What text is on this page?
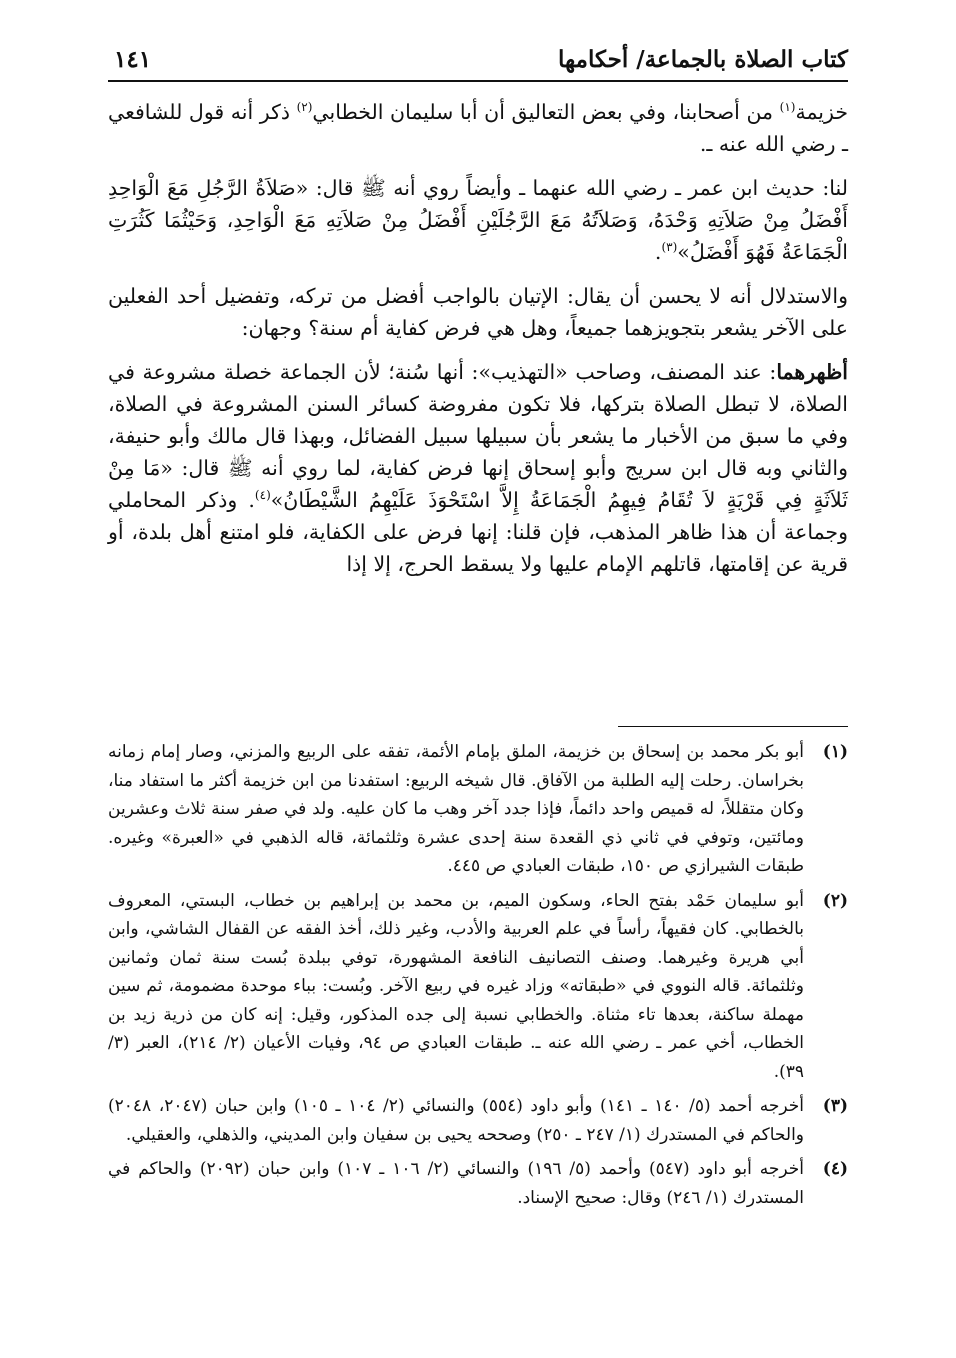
كتاب الصلاة بالجماعة/ أحكامها
١٤١

خزيمة$^{(١)}$ من أصحابنا، وفي بعض التعاليق أن أبا سليمان الخطابي$^{(٢)}$ ذكر أنه قول للشافعي ـ رضي الله عنه ـ.

لنا: حديث ابن عمر ـ رضي الله عنهما ـ وأيضاً روي أنه ﷺ قال: «صَلاَةُ الرَّجُلِ مَعَ الْوَاحِدِ أَفْضَلُ مِنْ صَلاَتِهِ وَحْدَهُ، وَصَلاَتُهُ مَعَ الرَّجُلَيْنِ أَفْضَلُ مِنْ صَلاَتِهِ مَعَ الْوَاحِدِ، وَحَيْثُمَا كَثُرَتِ الْجَمَاعَةُ فَهُوَ أَفْضَلُ»$^{(٣)}$.

والاستدلال أنه لا يحسن أن يقال: الإتيان بالواجب أفضل من تركه، وتفضيل أحد الفعلين على الآخر يشعر بتجويزهما جميعاً، وهل هي فرض كفاية أم سنة؟ وجهان:

أظهرهما: عند المصنف، وصاحب «التهذيب»: أنها سُنة؛ لأن الجماعة خصلة مشروعة في الصلاة، لا تبطل الصلاة بتركها، فلا تكون مفروضة كسائر السنن المشروعة في الصلاة، وفي ما سبق من الأخبار ما يشعر بأن سبيلها سبيل الفضائل، وبهذا قال مالك وأبو حنيفة، والثاني وبه قال ابن سريج وأبو إسحاق إنها فرض كفاية، لما روي أنه ﷺ قال: «مَا مِنْ ثَلاَثَةٍ فِي قَرْيَةٍ لاَ تُقَامُ فِيهِمُ الْجَمَاعَةُ إِلاَّ اسْتَحْوَذَ عَلَيْهِمُ الشَّيْطَانُ»$^{(٤)}$. وذكر المحاملي وجماعة أن هذا ظاهر المذهب، فإن قلنا: إنها فرض على الكفاية، فلو امتنع أهل بلدة، أو قرية عن إقامتها، قاتلهم الإمام عليها ولا يسقط الحرج، إلا إذا

(١)
أبو بكر محمد بن إسحاق بن خزيمة، الملق بإمام الأئمة، تفقه على الربيع والمزني، وصار إمام زمانه بخراسان. رحلت إليه الطلبة من الآفاق. قال شيخه الربيع: استفدنا من ابن خزيمة أكثر ما استفاد منا، وكان متقللاً، له قميص واحد دائماً، فإذا جدد آخر وهب ما كان عليه. ولد في صفر سنة ثلاث وعشرين ومائتين، وتوفي في ثاني ذي القعدة سنة إحدى عشرة وثلثمائة، قاله الذهبي في «العبرة» وغيره. طبقات الشيرازي ص ١٥٠، طبقات العبادي ص ٤٤٥.
(٢)
أبو سليمان حَمْد بفتح الحاء، وسكون الميم، بن محمد بن إبراهيم بن خطاب، البستي، المعروف بالخطابي. كان فقيهاً، رأساً في علم العربية والأدب، وغير ذلك، أخذ الفقه عن القفال الشاشي، وابن أبي هريرة وغيرهما. وصنف التصانيف النافعة المشهورة، توفي ببلدة بُست سنة ثمان وثمانين وثلثمائة. قاله النووي في «طبقاته» وزاد غيره في ربيع الآخر. وبُست: بباء موحدة مضمومة، ثم سين مهملة ساكنة، بعدها تاء مثناة. والخطابي نسبة إلى جده المذكور، وقيل: إنه كان من ذرية زيد بن الخطاب، أخي عمر ـ رضي الله عنه ـ. طبقات العبادي ص ٩٤، وفيات الأعيان (٢/ ٢١٤)، العبر (٣/ ٣٩).
(٣)
أخرجه أحمد (٥/ ١٤٠ ـ ١٤١) وأبو داود (٥٥٤) والنسائي (٢/ ١٠٤ ـ ١٠٥) وابن حبان (٢٠٤٧، ٢٠٤٨) والحاكم في المستدرك (١/ ٢٤٧ ـ ٢٥٠) وصححه يحيى بن سفيان وابن المديني، والذهلي، والعقيلي.
(٤)
أخرجه أبو داود (٥٤٧) وأحمد (٥/ ١٩٦) والنسائي (٢/ ١٠٦ ـ ١٠٧) وابن حبان (٢٠٩٢) والحاكم في المستدرك (١/ ٢٤٦) وقال: صحيح الإسناد.
